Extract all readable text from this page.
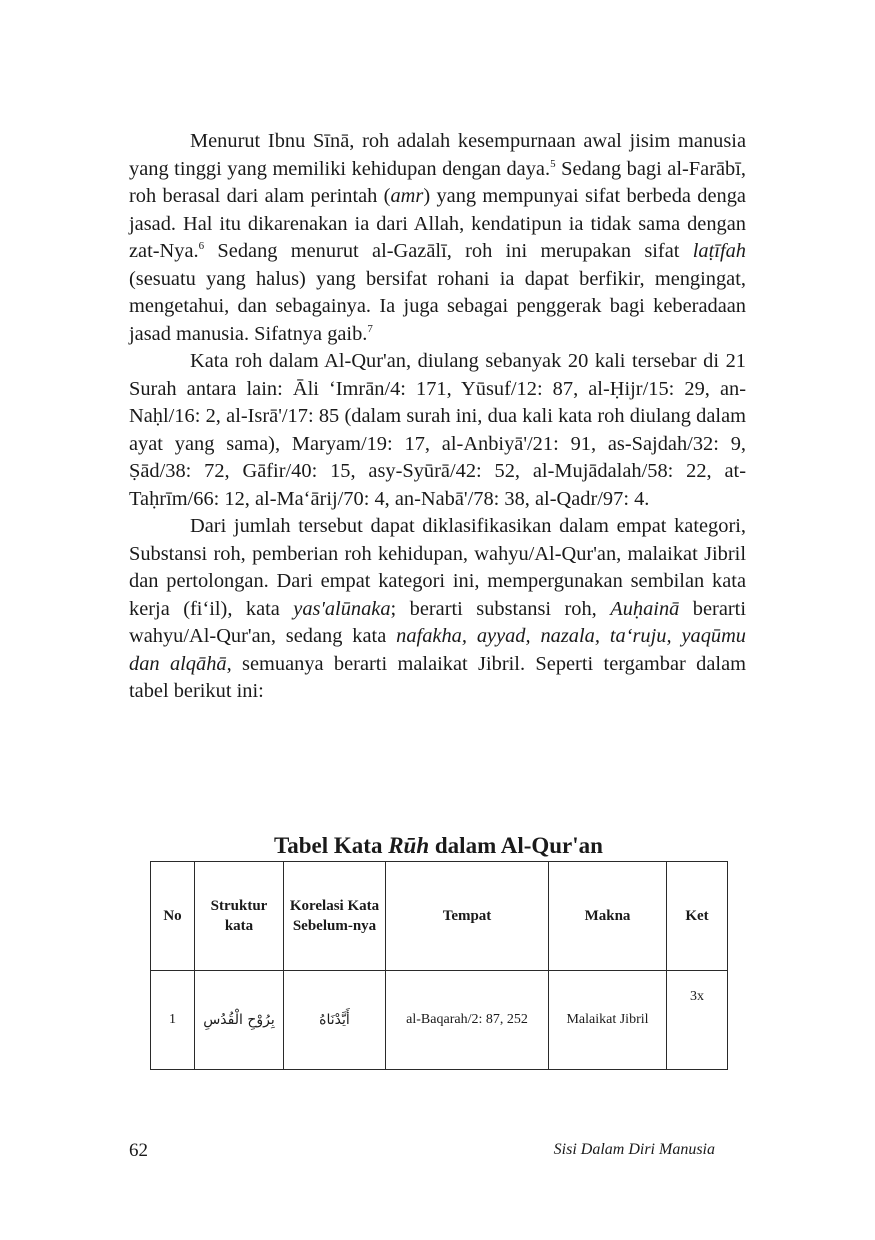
Menurut Ibnu Sīnā, roh adalah kesempurnaan awal jisim manusia yang tinggi yang memiliki kehidupan dengan daya.$^5$ Sedang bagi al-Farābī, roh berasal dari alam perintah (amr) yang mempunyai sifat berbeda denga jasad. Hal itu dikarenakan ia dari Allah, kendatipun ia tidak sama dengan zat-Nya.$^6$ Sedang menurut al-Gazālī, roh ini merupakan sifat laṭīfah (sesuatu yang halus) yang bersifat rohani ia dapat berfikir, mengingat, mengetahui, dan sebagainya. Ia juga sebagai penggerak bagi keberadaan jasad manusia. Sifatnya gaib.$^7$

Kata roh dalam Al-Qur'an, diulang sebanyak 20 kali tersebar di 21 Surah antara lain: Āli ‘Imrān/4: 171, Yūsuf/12: 87, al-Ḥijr/15: 29, an-Naḥl/16: 2, al-Isrā'/17: 85 (dalam surah ini, dua kali kata roh diulang dalam ayat yang sama), Maryam/19: 17, al-Anbiyā'/21: 91, as-Sajdah/32: 9, Ṣād/38: 72, Gāfir/40: 15, asy-Syūrā/42: 52, al-Mujādalah/58: 22, at-Taḥrīm/66: 12, al-Ma‘ārij/70: 4, an-Nabā'/78: 38, al-Qadr/97: 4.

Dari jumlah tersebut dapat diklasifikasikan dalam empat kategori, Substansi roh, pemberian roh kehidupan, wahyu/Al-Qur'an, malaikat Jibril dan pertolongan. Dari empat kategori ini, mempergunakan sembilan kata kerja (fi‘il), kata yas'alūnaka; berarti substansi roh, Auḥainā berarti wahyu/Al-Qur'an, sedang kata nafakha, ayyad, nazala, ta‘ruju, yaqūmu dan alqāhā, semuanya berarti malaikat Jibril. Seperti tergambar dalam tabel berikut ini:

Tabel Kata Rūh dalam Al-Qur'an
No	Struktur kata	Korelasi Kata Sebelum-nya	Tempat	Makna	Ket
1	بِرُوْحِ الْقُدُسِ	أَيَّدْنَاهُ	al-Baqarah/2: 87, 252	Malaikat Jibril	3x
62	Sisi Dalam Diri Manusia
